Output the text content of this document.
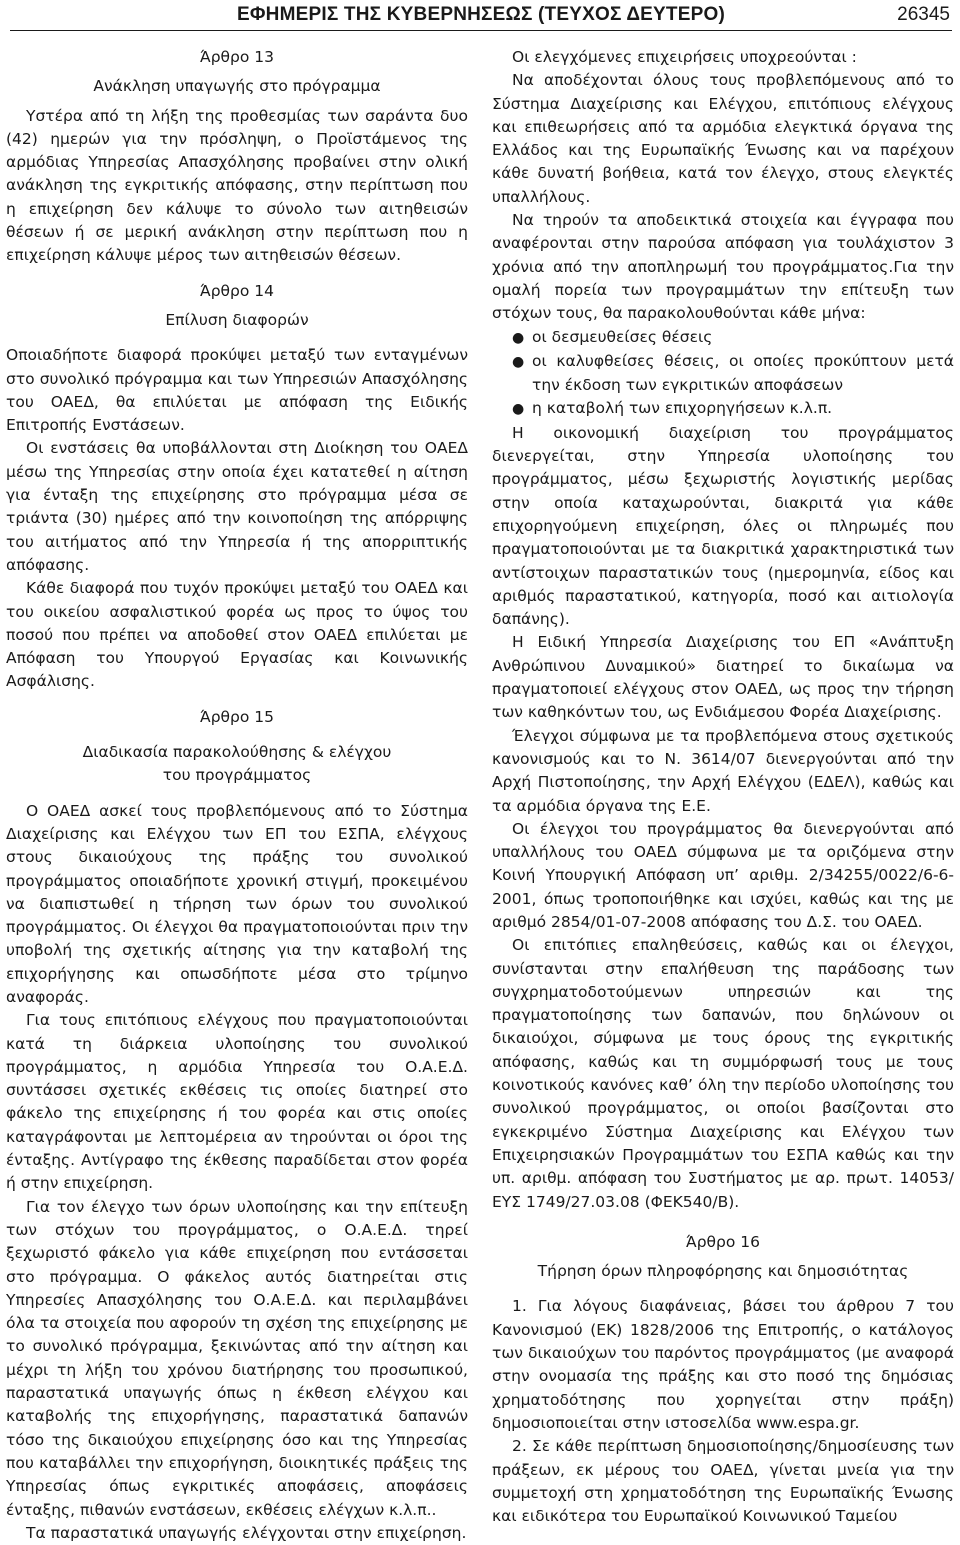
ΕΦΗΜΕΡΙΣ ΤΗΣ ΚΥΒΕΡΝΗΣΕΩΣ (ΤΕΥΧΟΣ ΔΕΥΤΕΡΟ)	26345

Άρθρο 13

Ανάκληση υπαγωγής στο πρόγραμμα

Υστέρα από τη λήξη της προθεσμίας των σαράντα δυο (42) ημερών για την πρόσληψη, ο Προϊστάμενος της αρμόδιας Υπηρεσίας Απασχόλησης προβαίνει στην ολική ανάκληση της εγκριτικής απόφασης, στην περίπτωση που η επιχείρηση δεν κάλυψε το σύνολο των αιτηθεισών θέσεων ή σε μερική ανάκληση στην περίπτωση που η επιχείρηση κάλυψε μέρος των αιτηθεισών θέσεων.

Άρθρο 14

Επίλυση διαφορών

Οποιαδήποτε διαφορά προκύψει μεταξύ των ενταγμένων στο συνολικό πρόγραμμα και των Υπηρεσιών Απασχόλησης του ΟΑΕΔ, θα επιλύεται με απόφαση της Ειδικής Επιτροπής Ενστάσεων.

Οι ενστάσεις θα υποβάλλονται στη Διοίκηση του ΟΑΕΔ μέσω της Υπηρεσίας στην οποία έχει κατατεθεί η αίτηση για ένταξη της επιχείρησης στο πρόγραμμα μέσα σε τριάντα (30) ημέρες από την κοινοποίηση της απόρριψης του αιτήματος από την Υπηρεσία ή της απορριπτικής απόφασης.

Κάθε διαφορά που τυχόν προκύψει μεταξύ του ΟΑΕΔ και του οικείου ασφαλιστικού φορέα ως προς το ύψος του ποσού που πρέπει να αποδοθεί στον ΟΑΕΔ επιλύεται με Απόφαση του Υπουργού Εργασίας και Κοινωνικής Ασφάλισης.

Άρθρο 15

Διαδικασία παρακολούθησης & ελέγχου

του προγράμματος

Ο ΟΑΕΔ ασκεί τους προβλεπόμενους από το Σύστημα Διαχείρισης και Ελέγχου των ΕΠ του ΕΣΠΑ, ελέγχους στους δικαιούχους της πράξης του συνολικού προγράμματος οποιαδήποτε χρονική στιγμή, προκειμένου να διαπιστωθεί η τήρηση των όρων του συνολικού προγράμματος. Οι έλεγχοι θα πραγματοποιούνται πριν την υποβολή της σχετικής αίτησης για την καταβολή της επιχορήγησης και οπωσδήποτε μέσα στο τρίμηνο αναφοράς.

Για τους επιτόπιους ελέγχους που πραγματοποιούνται κατά τη διάρκεια υλοποίησης του συνολικού προγράμματος, η αρμόδια Υπηρεσία του Ο.Α.Ε.Δ. συντάσσει σχετικές εκθέσεις τις οποίες διατηρεί στο φάκελο της επιχείρησης ή του φορέα και στις οποίες καταγράφονται με λεπτομέρεια αν τηρούνται οι όροι της ένταξης. Αντίγραφο της έκθεσης παραδίδεται στον φορέα ή στην επιχείρηση.

Για τον έλεγχο των όρων υλοποίησης και την επίτευξη των στόχων του προγράμματος, ο Ο.Α.Ε.Δ. τηρεί ξεχωριστό φάκελο για κάθε επιχείρηση που εντάσσεται στο πρόγραμμα. Ο φάκελος αυτός διατηρείται στις Υπηρεσίες Απασχόλησης του Ο.Α.Ε.Δ. και περιλαμβάνει όλα τα στοιχεία που αφορούν τη σχέση της επιχείρησης με το συνολικό πρόγραμμα, ξεκινώντας από την αίτηση και μέχρι τη λήξη του χρόνου διατήρησης του προσωπικού, παραστατικά υπαγωγής όπως η έκθεση ελέγχου και καταβολής της επιχορήγησης, παραστατικά δαπανών τόσο της δικαιούχου επιχείρησης όσο και της Υπηρεσίας που καταβάλλει την επιχορήγηση, διοικητικές πράξεις της Υπηρεσίας όπως εγκριτικές αποφάσεις, αποφάσεις ένταξης, πιθανών ενστάσεων, εκθέσεις ελέγχων κ.λ.π..

Τα παραστατικά υπαγωγής ελέγχονται στην επιχείρηση.

Οι ελεγχόμενες επιχειρήσεις υποχρεούνται :

Να αποδέχονται όλους τους προβλεπόμενους από το Σύστημα Διαχείρισης και Ελέγχου, επιτόπιους ελέγχους και επιθεωρήσεις από τα αρμόδια ελεγκτικά όργανα της Ελλάδος και της Ευρωπαϊκής Ένωσης και να παρέχουν κάθε δυνατή βοήθεια, κατά τον έλεγχο, στους ελεγκτές υπαλλήλους.

Να τηρούν τα αποδεικτικά στοιχεία και έγγραφα που αναφέρονται στην παρούσα απόφαση για τουλάχιστον 3 χρόνια από την αποπληρωμή του προγράμματος.Για την ομαλή πορεία των προγραμμάτων την επίτευξη των στόχων τους, θα παρακολουθούνται κάθε μήνα:

● οι δεσμευθείσες θέσεις

● οι καλυφθείσες θέσεις, οι οποίες προκύπτουν μετά την έκδοση των εγκριτικών αποφάσεων

● η καταβολή των επιχορηγήσεων κ.λ.π.

Η οικονομική διαχείριση του προγράμματος διενεργείται, στην Υπηρεσία υλοποίησης του προγράμματος, μέσω ξεχωριστής λογιστικής μερίδας στην οποία καταχωρούνται, διακριτά για κάθε επιχορηγούμενη επιχείρηση, όλες οι πληρωμές που πραγματοποιούνται με τα διακριτικά χαρακτηριστικά των αντίστοιχων παραστατικών τους (ημερομηνία, είδος και αριθμός παραστατικού, κατηγορία, ποσό και αιτιολογία δαπάνης).

Η Ειδική Υπηρεσία Διαχείρισης του ΕΠ «Ανάπτυξη Ανθρώπινου Δυναμικού» διατηρεί το δικαίωμα να πραγματοποιεί ελέγχους στον ΟΑΕΔ, ως προς την τήρηση των καθηκόντων του, ως Ενδιάμεσου Φορέα Διαχείρισης.

Έλεγχοι σύμφωνα με τα προβλεπόμενα στους σχετικούς κανονισμούς και το Ν. 3614/07 διενεργούνται από την Αρχή Πιστοποίησης, την Αρχή Ελέγχου (ΕΔΕΛ), καθώς και τα αρμόδια όργανα της Ε.Ε.

Οι έλεγχοι του προγράμματος θα διενεργούνται από υπαλλήλους του ΟΑΕΔ σύμφωνα με τα οριζόμενα στην Κοινή Υπουργική Απόφαση υπ’ αριθμ. 2/34255/0022/6-6-2001, όπως τροποποιήθηκε και ισχύει, καθώς και της με αριθμό 2854/01-07-2008 απόφασης του Δ.Σ. του ΟΑΕΔ.

Οι επιτόπιες επαληθεύσεις, καθώς και οι έλεγχοι, συνίστανται στην επαλήθευση της παράδοσης των συγχρηματοδοτούμενων υπηρεσιών και της πραγματοποίησης των δαπανών, που δηλώνουν οι δικαιούχοι, σύμφωνα με τους όρους της εγκριτικής απόφασης, καθώς και τη συμμόρφωσή τους με τους κοινοτικούς κανόνες καθ’ όλη την περίοδο υλοποίησης του συνολικού προγράμματος, οι οποίοι βασίζονται στο εγκεκριμένο Σύστημα Διαχείρισης και Ελέγχου των Επιχειρησιακών Προγραμμάτων του ΕΣΠΑ καθώς και την υπ. αριθμ. απόφαση του Συστήματος με αρ. πρωτ. 14053/ΕΥΣ 1749/27.03.08 (ΦΕΚ540/Β).

Άρθρο 16

Τήρηση όρων πληροφόρησης και δημοσιότητας

1. Για λόγους διαφάνειας, βάσει του άρθρου 7 του Κανονισμού (ΕΚ) 1828/2006 της Επιτροπής, ο κατάλογος των δικαιούχων του παρόντος προγράμματος (με αναφορά στην ονομασία της πράξης και στο ποσό της δημόσιας χρηματοδότησης που χορηγείται στην πράξη) δημοσιοποιείται στην ιστοσελίδα www.espa.gr.

2. Σε κάθε περίπτωση δημοσιοποίησης/δημοσίευσης των πράξεων, εκ μέρους του ΟΑΕΔ, γίνεται μνεία για την συμμετοχή στη χρηματοδότηση της Ευρωπαϊκής Ένωσης και ειδικότερα του Ευρωπαϊκού Κοινωνικού Ταμείου
